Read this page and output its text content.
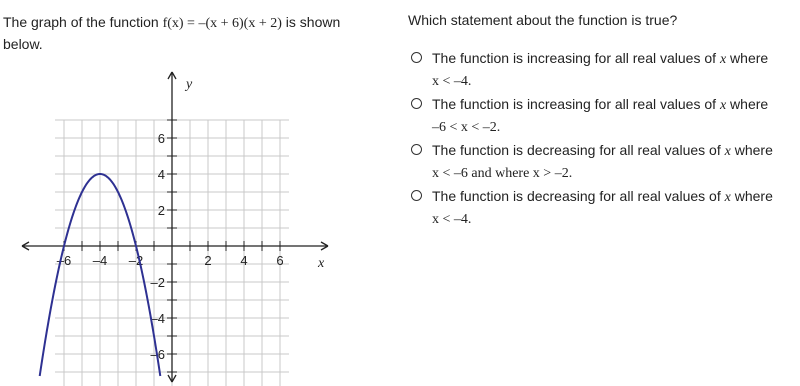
The graph of the function f(x) = –(x + 6)(x + 2) is shown below.
–6 –4 –2	2 4 6
6
4
2
–2
–4
–6
x
y
Which statement about the function is true?
The function is increasing for all real values of x where
x < –4.
The function is increasing for all real values of x where
–6 < x < –2.
The function is decreasing for all real values of x where
x < –6 and where x > –2.
The function is decreasing for all real values of x where
x < –4.
